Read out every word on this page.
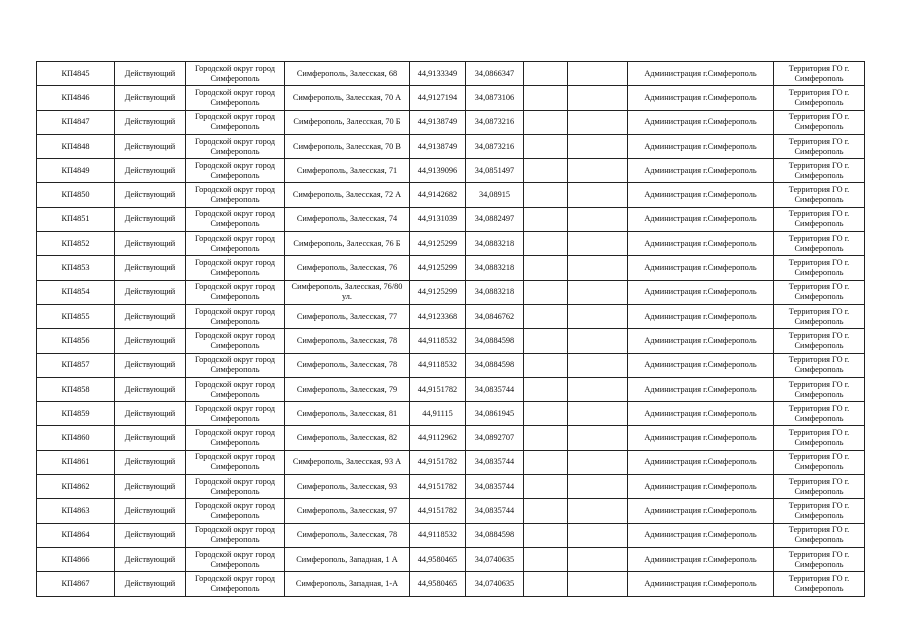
КП4845	Действующий	Городской округ город Симферополь	Симферополь, Залесская, 68	44,9133349	34,0866347			Администрация г.Симферополь	Территория ГО г. Симферополь
КП4846	Действующий	Городской округ город Симферополь	Симферополь, Залесская, 70 А	44,9127194	34,0873106			Администрация г.Симферополь	Территория ГО г. Симферополь
КП4847	Действующий	Городской округ город Симферополь	Симферополь, Залесская, 70 Б	44,9138749	34,0873216			Администрация г.Симферополь	Территория ГО г. Симферополь
КП4848	Действующий	Городской округ город Симферополь	Симферополь, Залесская, 70 В	44,9138749	34,0873216			Администрация г.Симферополь	Территория ГО г. Симферополь
КП4849	Действующий	Городской округ город Симферополь	Симферополь, Залесская, 71	44,9139096	34,0851497			Администрация г.Симферополь	Территория ГО г. Симферополь
КП4850	Действующий	Городской округ город Симферополь	Симферополь, Залесская, 72 А	44,9142682	34,08915			Администрация г.Симферополь	Территория ГО г. Симферополь
КП4851	Действующий	Городской округ город Симферополь	Симферополь, Залесская, 74	44,9131039	34,0882497			Администрация г.Симферополь	Территория ГО г. Симферополь
КП4852	Действующий	Городской округ город Симферополь	Симферополь, Залесская, 76 Б	44,9125299	34,0883218			Администрация г.Симферополь	Территория ГО г. Симферополь
КП4853	Действующий	Городской округ город Симферополь	Симферополь, Залесская, 76	44,9125299	34,0883218			Администрация г.Симферополь	Территория ГО г. Симферополь
КП4854	Действующий	Городской округ город Симферополь	Симферополь, Залесская, 76/80 ул.	44,9125299	34,0883218			Администрация г.Симферополь	Территория ГО г. Симферополь
КП4855	Действующий	Городской округ город Симферополь	Симферополь, Залесская, 77	44,9123368	34,0846762			Администрация г.Симферополь	Территория ГО г. Симферополь
КП4856	Действующий	Городской округ город Симферополь	Симферополь, Залесская, 78	44,9118532	34,0884598			Администрация г.Симферополь	Территория ГО г. Симферополь
КП4857	Действующий	Городской округ город Симферополь	Симферополь, Залесская, 78	44,9118532	34,0884598			Администрация г.Симферополь	Территория ГО г. Симферополь
КП4858	Действующий	Городской округ город Симферополь	Симферополь, Залесская, 79	44,9151782	34,0835744			Администрация г.Симферополь	Территория ГО г. Симферополь
КП4859	Действующий	Городской округ город Симферополь	Симферополь, Залесская, 81	44,91115	34,0861945			Администрация г.Симферополь	Территория ГО г. Симферополь
КП4860	Действующий	Городской округ город Симферополь	Симферополь, Залесская, 82	44,9112962	34,0892707			Администрация г.Симферополь	Территория ГО г. Симферополь
КП4861	Действующий	Городской округ город Симферополь	Симферополь, Залесская, 93 А	44,9151782	34,0835744			Администрация г.Симферополь	Территория ГО г. Симферополь
КП4862	Действующий	Городской округ город Симферополь	Симферополь, Залесская, 93	44,9151782	34,0835744			Администрация г.Симферополь	Территория ГО г. Симферополь
КП4863	Действующий	Городской округ город Симферополь	Симферополь, Залесская, 97	44,9151782	34,0835744			Администрация г.Симферополь	Территория ГО г. Симферополь
КП4864	Действующий	Городской округ город Симферополь	Симферополь, Залесская, 78	44,9118532	34,0884598			Администрация г.Симферополь	Территория ГО г. Симферополь
КП4866	Действующий	Городской округ город Симферополь	Симферополь, Западная, 1 А	44,9580465	34,0740635			Администрация г.Симферополь	Территория ГО г. Симферополь
КП4867	Действующий	Городской округ город Симферополь	Симферополь, Западная, 1-А	44,9580465	34,0740635			Администрация г.Симферополь	Территория ГО г. Симферополь
